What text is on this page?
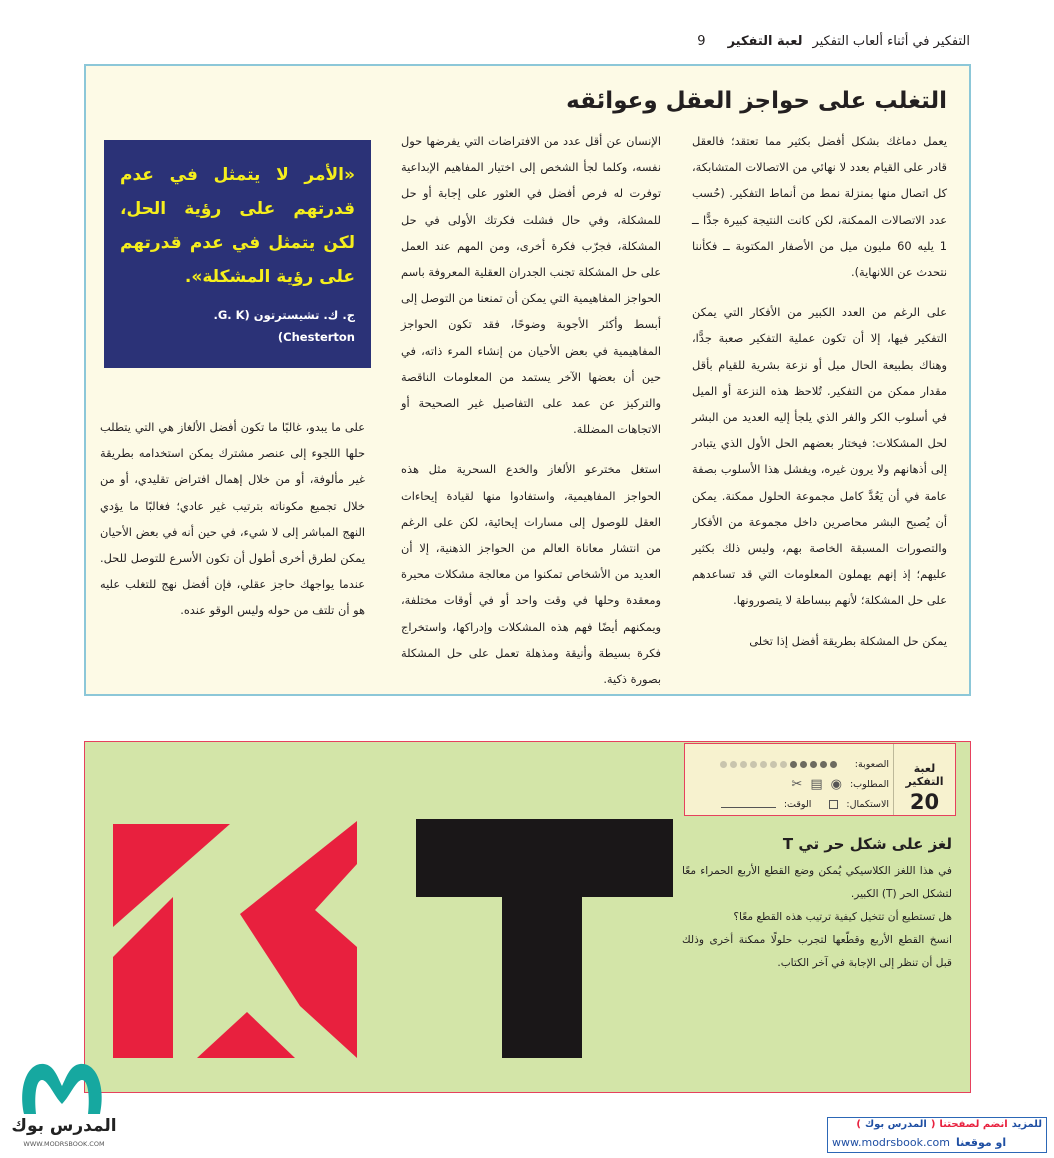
التفكير في أثناء ألعاب التفكير
لعبة التفكير
9
التغلب على حواجز العقل وعوائقه

يعمل دماغك بشكل أفضل بكثير مما تعتقد؛ فالعقل قادر على القيام بعدد لا نهائي من الاتصالات المتشابكة، كل اتصال منها بمنزلة نمط من أنماط التفكير. (حُسب عدد الاتصالات الممكنة، لكن كانت النتيجة كبيرة جدًّا ــ 1 يليه 60 مليون ميل من الأصفار المكتوبة ــ فكأننا نتحدث عن اللانهاية).

على الرغم من العدد الكبير من الأفكار التي يمكن التفكير فيها، إلا أن تكون عملية التفكير صعبة جدًّا، وهناك بطبيعة الحال ميل أو نزعة بشرية للقيام بأقل مقدار ممكن من التفكير. تُلاحظ هذه النزعة أو الميل في أسلوب الكر والفر الذي يلجأ إليه العديد من البشر لحل المشكلات: فيختار بعضهم الحل الأول الذي يتبادر إلى أذهانهم ولا يرون غيره، ويفشل هذا الأسلوب بصفة عامة في أن يَعُدَّ كامل مجموعة الحلول ممكنة. يمكن أن يُصبح البشر محاصرين داخل مجموعة من الأفكار والتصورات المسبقة الخاصة بهم، وليس ذلك بكثير عليهم؛ إذ إنهم يهملون المعلومات التي قد تساعدهم على حل المشكلة؛ لأنهم ببساطة لا يتصورونها.

يمكن حل المشكلة بطريقة أفضل إذا تخلى

الإنسان عن أقل عدد من الافتراضات التي يفرضها حول نفسه، وكلما لجأ الشخص إلى اختيار المفاهيم الإبداعية توفرت له فرص أفضل في العثور على إجابة أو حل للمشكلة، وفي حال فشلت فكرتك الأولى في حل المشكلة، فجرّب فكرة أخرى، ومن المهم عند العمل على حل المشكلة تجنب الجدران العقلية المعروفة باسم الحواجز المفاهيمية التي يمكن أن تمنعنا من التوصل إلى أبسط وأكثر الأجوبة وضوحًا، فقد تكون الحواجز المفاهيمية في بعض الأحيان من إنشاء المرء ذاته، في حين أن بعضها الآخر يستمد من المعلومات الناقصة والتركيز عن عمد على التفاصيل غير الصحيحة أو الاتجاهات المضللة.

استغل مخترعو الألغاز والخدع السحرية مثل هذه الحواجز المفاهيمية، واستفادوا منها لقيادة إيحاءات العقل للوصول إلى مسارات إيحائية، لكن على الرغم من انتشار معاناة العالم من الحواجز الذهنية، إلا أن العديد من الأشخاص تمكنوا من معالجة مشكلات محيرة ومعقدة وحلها في وقت واحد أو في أوقات مختلفة، ويمكنهم أيضًا فهم هذه المشكلات وإدراكها، واستخراج فكرة بسيطة وأنيقة ومذهلة تعمل على حل المشكلة بصورة ذكية.

«الأمر لا يتمثل في عدم قدرتهم على رؤية الحل، لكن يتمثل في عدم قدرتهم على رؤية المشكلة».
ج. ك. تشيسترتون (G. K.
Chesterton)

على ما يبدو، غالبًا ما تكون أفضل الألغاز هي التي يتطلب حلها اللجوء إلى عنصر مشترك يمكن استخدامه بطريقة غير مألوفة، أو من خلال إهمال افتراض تقليدي، أو من خلال تجميع مكوناته بترتيب غير عادي؛ فغالبًا ما يؤدي النهج المباشر إلى لا شيء، في حين أنه في بعض الأحيان يمكن لطرق أخرى أطول أن تكون الأسرع للتوصل للحل. عندما يواجهك حاجز عقلي، فإن أفضل نهج للتغلب عليه هو أن تلتف من حوله وليس الوقو عنده.

لعبة التفكير
20
الصعوبة:
المطلوب:
◉
▤
✂
الاستكمال:
الوقت:
لغز على شكل حر تي T
في هذا اللغز الكلاسيكي يُمكن وضع القطع الأربع الحمراء معًا لتشكل الحر (T) الكبير.
هل تستطيع أن تتخيل كيفية ترتيب هذه القطع معًا؟
انسخ القطع الأربع وقطّعها لتجرب حلولًا ممكنة أخرى وذلك قبل أن تنظر إلى الإجابة في آخر الكتاب.
المدرس بوك
WWW.MODRSBOOK.COM
للمزيد
انضم لصفحتنا
(
المدرس بوك
)
www.modrsbook.com او موقعنا
